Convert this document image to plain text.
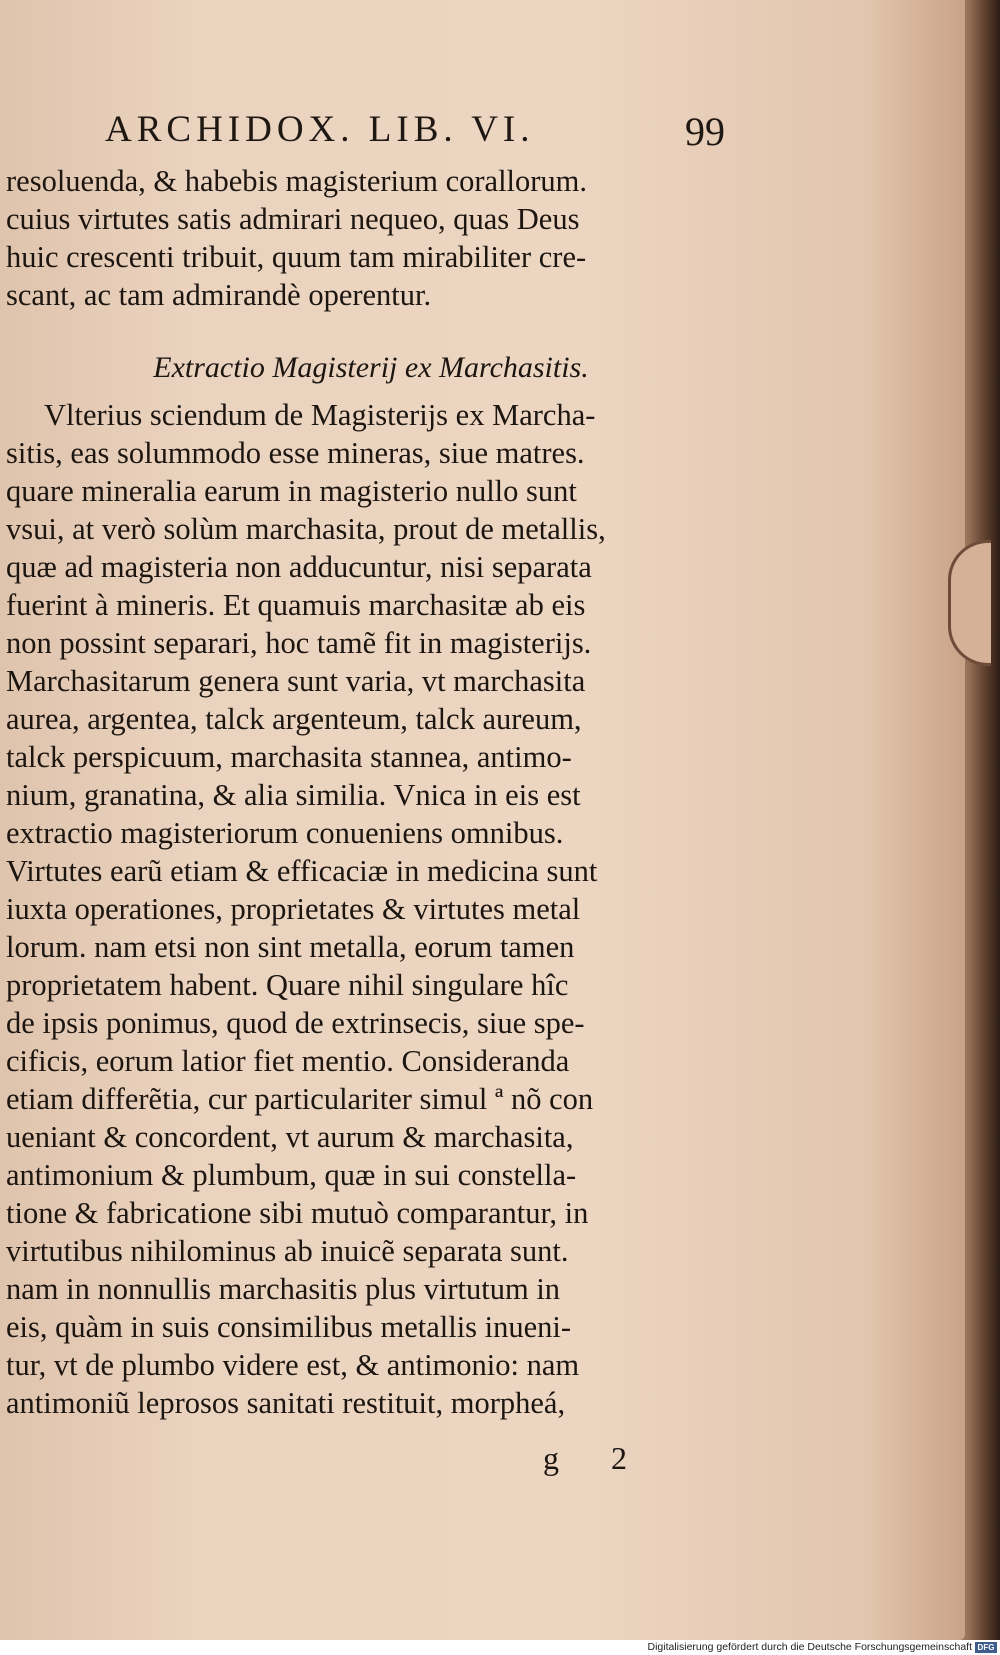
ARCHIDOX. LIB. VI.	99
resoluenda, & habebis magisterium corallorum.
cuius virtutes satis admirari nequeo, quas Deus
huic crescenti tribuit, quum tam mirabiliter cre-
scant, ac tam admirandè operentur.
Extractio Magisterij ex Marchasitis.
Vlterius sciendum de Magisterijs ex Marcha-
sitis, eas solummodo esse mineras, siue matres.
quare mineralia earum in magisterio nullo sunt
vsui, at verò solùm marchasita, prout de metallis,
quæ ad magisteria non adducuntur, nisi separata
fuerint à mineris. Et quamuis marchasitæ ab eis
non possint separari, hoc tamẽ fit in magisterijs.
Marchasitarum genera sunt varia, vt marchasita
aurea, argentea, talck argenteum, talck aureum,
talck perspicuum, marchasita stannea, antimo-
nium, granatina, & alia similia. Vnica in eis est
extractio magisteriorum conueniens omnibus.
Virtutes earũ etiam & efficaciæ in medicina sunt
iuxta operationes, proprietates & virtutes metal
lorum. nam etsi non sint metalla, eorum tamen
proprietatem habent. Quare nihil singulare hîc
de ipsis ponimus, quod de extrinsecis, siue spe-
cificis, eorum latior fiet mentio. Consideranda
etiam differẽtia, cur particulariter simul ª nõ con
ueniant & concordent, vt aurum & marchasita,
antimonium & plumbum, quæ in sui constella-
tione & fabricatione sibi mutuò comparantur, in
virtutibus nihilominus ab inuicẽ separata sunt.
nam in nonnullis marchasitis plus virtutum in
eis, quàm in suis consimilibus metallis inueni-
tur, vt de plumbo videre est, & antimonio: nam
antimoniũ leprosos sanitati restituit, morpheá,
g 2
Digitalisierung gefördert durch die Deutsche Forschungsgemeinschaft DFG
